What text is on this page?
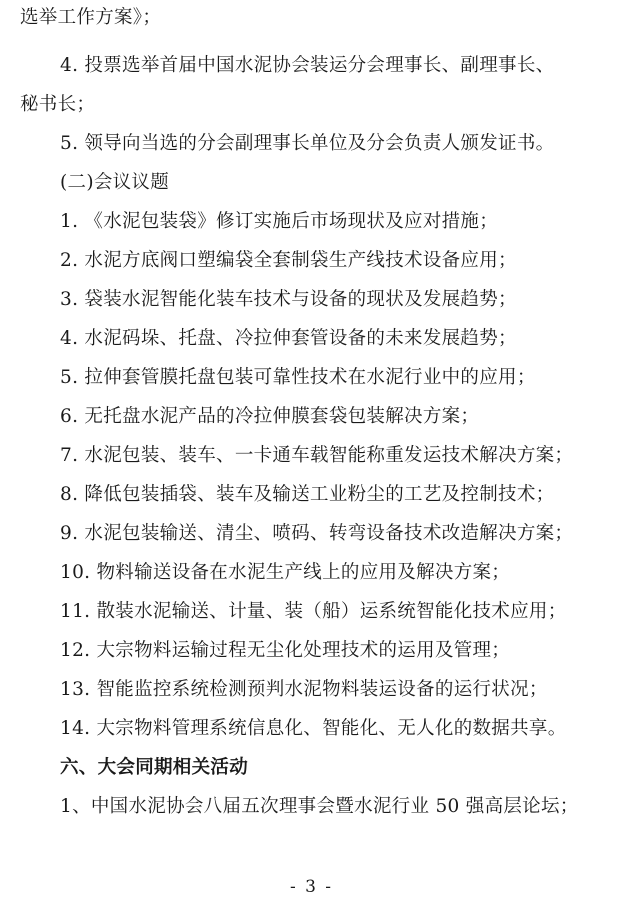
选举工作方案》；
4. 投票选举首届中国水泥协会装运分会理事长、副理事长、
秘书长；
5. 领导向当选的分会副理事长单位及分会负责人颁发证书。
(二)会议议题
1. 《水泥包装袋》修订实施后市场现状及应对措施；
2. 水泥方底阀口塑编袋全套制袋生产线技术设备应用；
3. 袋装水泥智能化装车技术与设备的现状及发展趋势；
4. 水泥码垛、托盘、冷拉伸套管设备的未来发展趋势；
5. 拉伸套管膜托盘包装可靠性技术在水泥行业中的应用；
6. 无托盘水泥产品的冷拉伸膜套袋包装解决方案；
7. 水泥包装、装车、一卡通车载智能称重发运技术解决方案；
8. 降低包装插袋、装车及输送工业粉尘的工艺及控制技术；
9. 水泥包装输送、清尘、喷码、转弯设备技术改造解决方案；
10. 物料输送设备在水泥生产线上的应用及解决方案；
11. 散装水泥输送、计量、装（船）运系统智能化技术应用；
12. 大宗物料运输过程无尘化处理技术的运用及管理；
13. 智能监控系统检测预判水泥物料装运设备的运行状况；
14. 大宗物料管理系统信息化、智能化、无人化的数据共享。
六、大会同期相关活动
1、中国水泥协会八届五次理事会暨水泥行业 50 强高层论坛；
- 3 -
